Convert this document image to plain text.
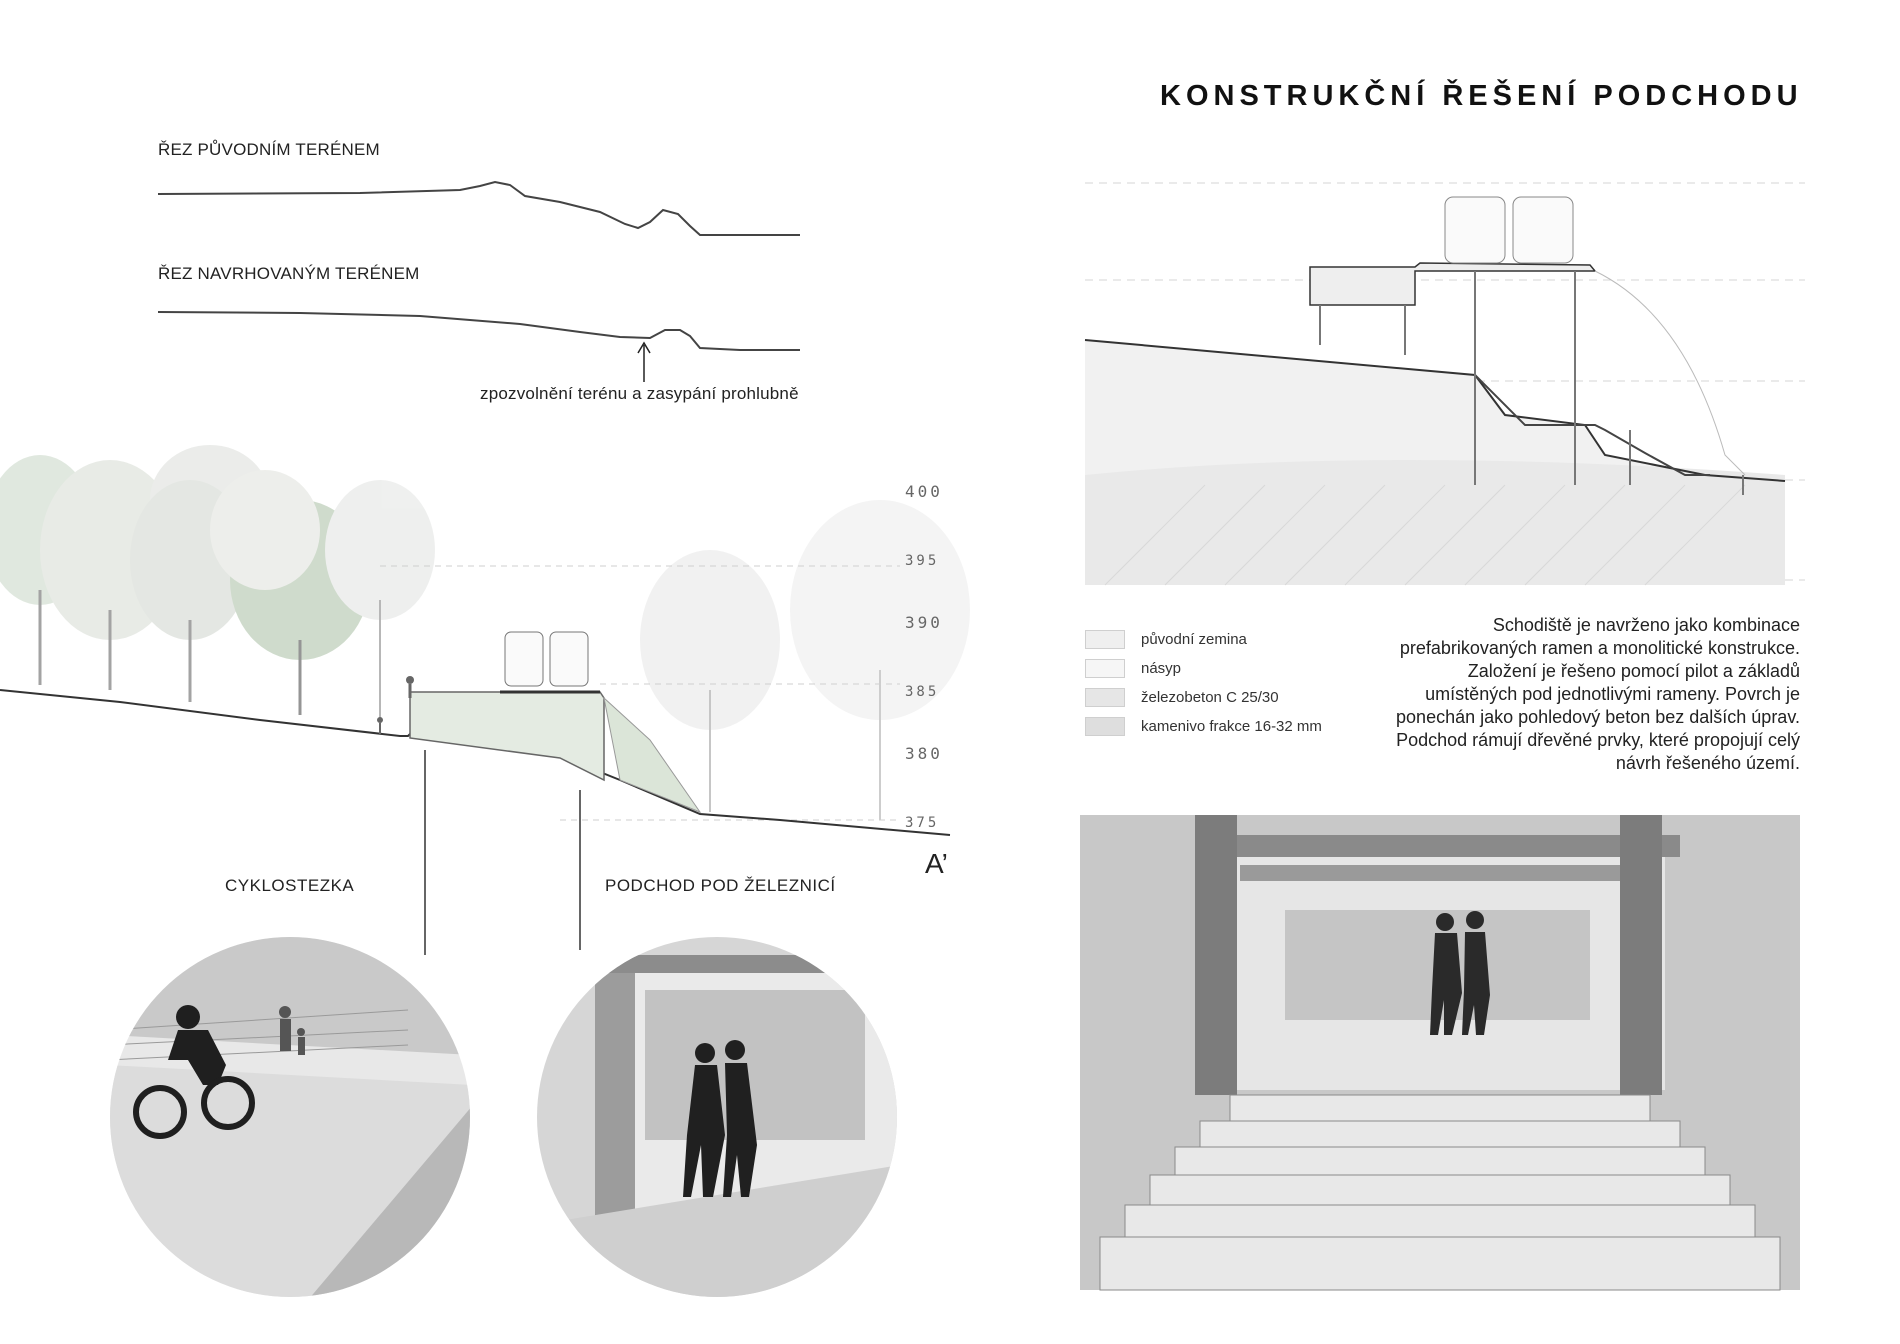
KONSTRUKČNÍ ŘEŠENÍ PODCHODU
ŘEZ PŮVODNÍM TERÉNEM
ŘEZ NAVRHOVANÝM TERÉNEM
zpozvolnění terénu a zasypání prohlubně
400
395
390
385
380
375
A’
CYKLOSTEZKA	PODCHOD POD ŽELEZNICÍ
původní zemina
násyp
železobeton C 25/30
kamenivo frakce 16-32 mm
Schodiště je navrženo jako kombinace prefabrikovaných ramen a monolitické konstrukce. Založení je řešeno pomocí pilot a základů umístěných pod jednotlivými rameny. Povrch je ponechán jako pohledový beton bez dalších úprav. Podchod rámují dřevěné prvky, které propojují celý návrh řešeného území.
